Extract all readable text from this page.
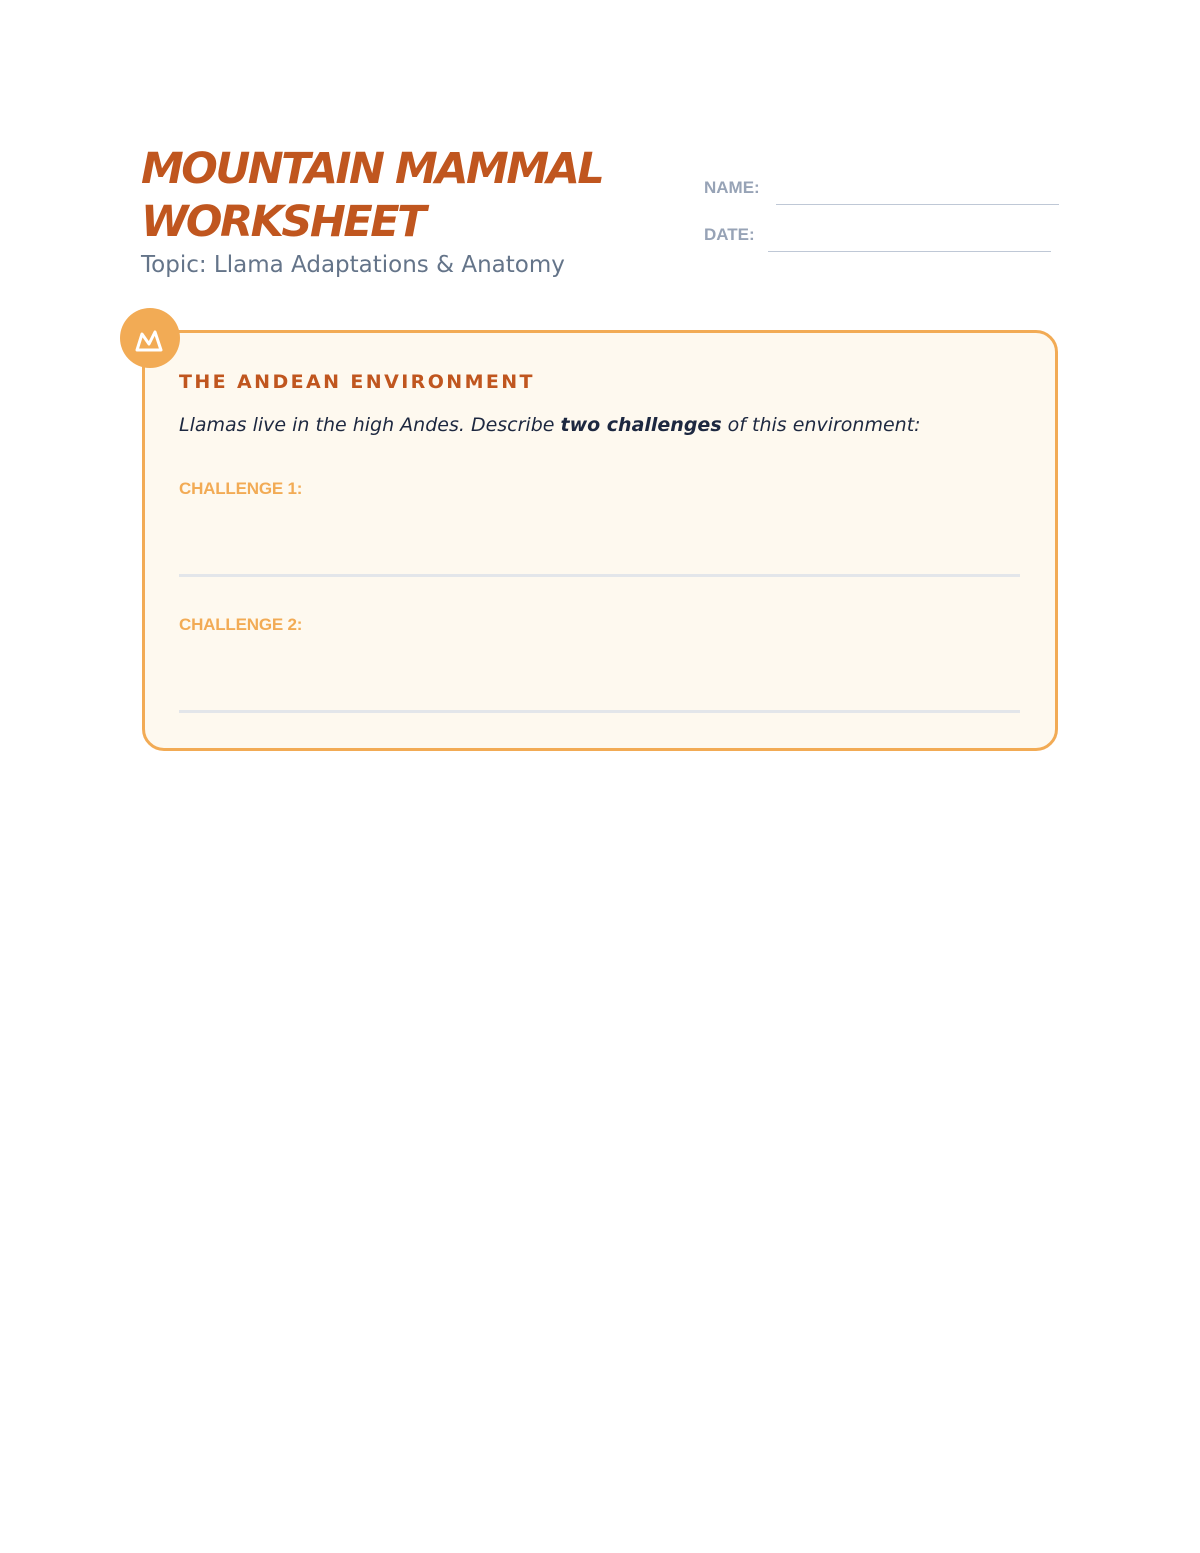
MOUNTAIN MAMMAL WORKSHEET

Topic: Llama Adaptations & Anatomy

NAME:
DATE:
THE ANDEAN ENVIRONMENT

Llamas live in the high Andes. Describe two challenges of this environment:

CHALLENGE 1:
CHALLENGE 2:
